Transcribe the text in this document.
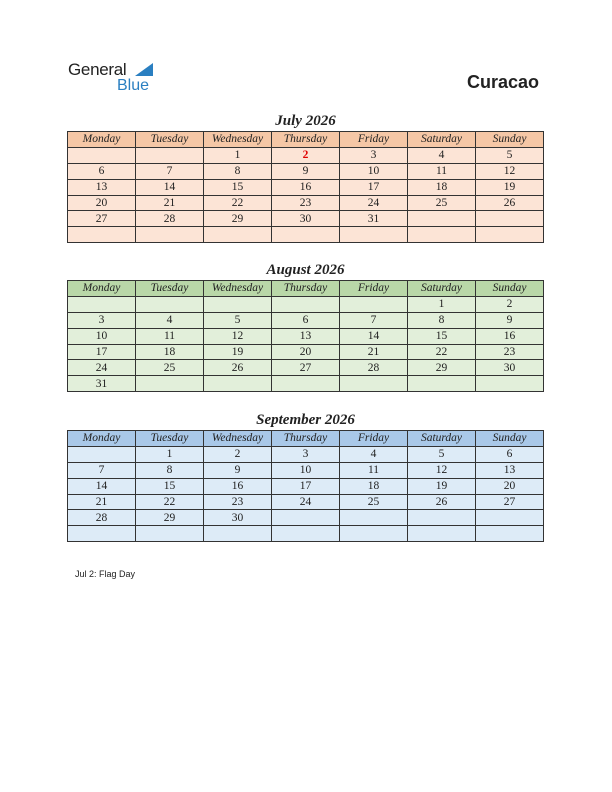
General
Blue	Curacao
July 2026
Monday	Tuesday	Wednesday	Thursday	Friday	Saturday	Sunday
		1	2	3	4	5
6	7	8	9	10	11	12
13	14	15	16	17	18	19
20	21	22	23	24	25	26
27	28	29	30	31		

August 2026
Monday	Tuesday	Wednesday	Thursday	Friday	Saturday	Sunday
					1	2
3	4	5	6	7	8	9
10	11	12	13	14	15	16
17	18	19	20	21	22	23
24	25	26	27	28	29	30
31						
September 2026
Monday	Tuesday	Wednesday	Thursday	Friday	Saturday	Sunday
	1	2	3	4	5	6
7	8	9	10	11	12	13
14	15	16	17	18	19	20
21	22	23	24	25	26	27
28	29	30				

Jul 2: Flag Day
